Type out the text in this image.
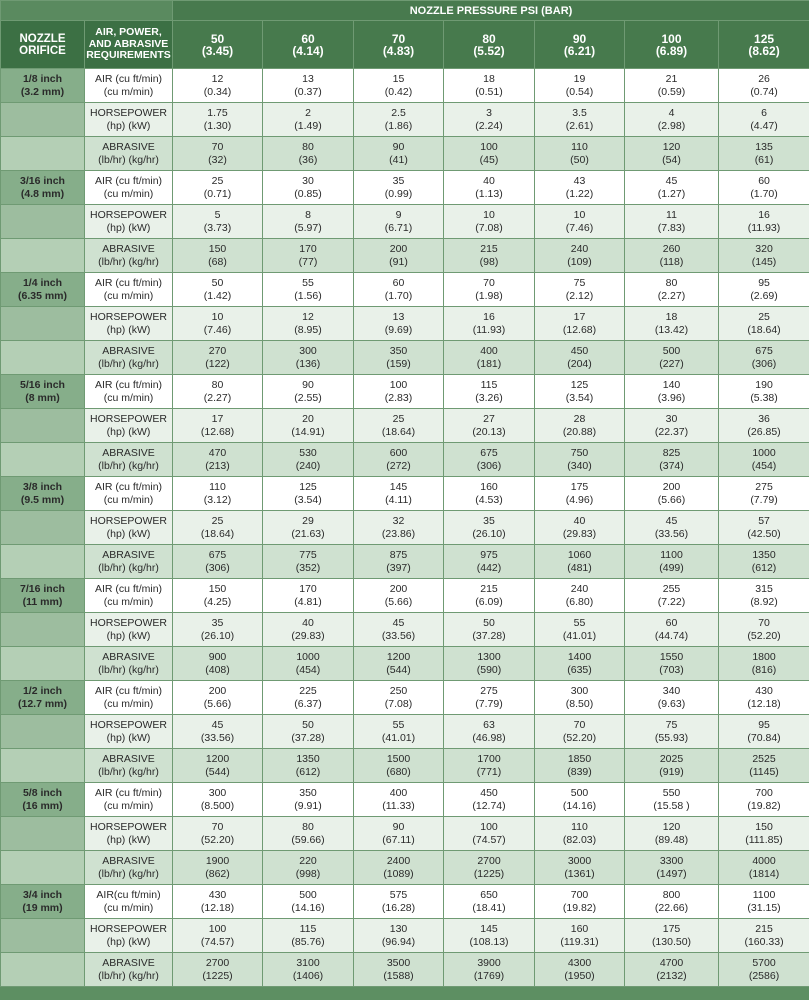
		NOZZLE PRESSURE PSI (BAR)						
NOZZLE
ORIFICE	AIR, POWER,
AND ABRASIVE
REQUIREMENTS	50
(3.45)	60
(4.14)	70
(4.83)	80
(5.52)	90
(6.21)	100
(6.89)	125
(8.62)
1/8 inch
(3.2 mm)	AIR (cu ft/min)
(cu m/min)	12
(0.34)	13
(0.37)	15
(0.42)	18
(0.51)	19
(0.54)	21
(0.59)	26
(0.74)
	HORSEPOWER
(hp) (kW)	1.75
(1.30)	2
(1.49)	2.5
(1.86)	3
(2.24)	3.5
(2.61)	4
(2.98)	6
(4.47)
	ABRASIVE
(lb/hr) (kg/hr)	70
(32)	80
(36)	90
(41)	100
(45)	110
(50)	120
(54)	135
(61)
3/16 inch
(4.8 mm)	AIR (cu ft/min)
(cu m/min)	25
(0.71)	30
(0.85)	35
(0.99)	40
(1.13)	43
(1.22)	45
(1.27)	60
(1.70)
	HORSEPOWER
(hp) (kW)	5
(3.73)	8
(5.97)	9
(6.71)	10
(7.08)	10
(7.46)	11
(7.83)	16
(11.93)
	ABRASIVE
(lb/hr) (kg/hr)	150
(68)	170
(77)	200
(91)	215
(98)	240
(109)	260
(118)	320
(145)
1/4 inch
(6.35 mm)	AIR (cu ft/min)
(cu m/min)	50
(1.42)	55
(1.56)	60
(1.70)	70
(1.98)	75
(2.12)	80
(2.27)	95
(2.69)
	HORSEPOWER
(hp) (kW)	10
(7.46)	12
(8.95)	13
(9.69)	16
(11.93)	17
(12.68)	18
(13.42)	25
(18.64)
	ABRASIVE
(lb/hr) (kg/hr)	270
(122)	300
(136)	350
(159)	400
(181)	450
(204)	500
(227)	675
(306)
5/16 inch
(8 mm)	AIR (cu ft/min)
(cu m/min)	80
(2.27)	90
(2.55)	100
(2.83)	115
(3.26)	125
(3.54)	140
(3.96)	190
(5.38)
	HORSEPOWER
(hp) (kW)	17
(12.68)	20
(14.91)	25
(18.64)	27
(20.13)	28
(20.88)	30
(22.37)	36
(26.85)
	ABRASIVE
(lb/hr) (kg/hr)	470
(213)	530
(240)	600
(272)	675
(306)	750
(340)	825
(374)	1000
(454)
3/8 inch
(9.5 mm)	AIR (cu ft/min)
(cu m/min)	110
(3.12)	125
(3.54)	145
(4.11)	160
(4.53)	175
(4.96)	200
(5.66)	275
(7.79)
	HORSEPOWER
(hp) (kW)	25
(18.64)	29
(21.63)	32
(23.86)	35
(26.10)	40
(29.83)	45
(33.56)	57
(42.50)
	ABRASIVE
(lb/hr) (kg/hr)	675
(306)	775
(352)	875
(397)	975
(442)	1060
(481)	1100
(499)	1350
(612)
7/16 inch
(11 mm)	AIR (cu ft/min)
(cu m/min)	150
(4.25)	170
(4.81)	200
(5.66)	215
(6.09)	240
(6.80)	255
(7.22)	315
(8.92)
	HORSEPOWER
(hp) (kW)	35
(26.10)	40
(29.83)	45
(33.56)	50
(37.28)	55
(41.01)	60
(44.74)	70
(52.20)
	ABRASIVE
(lb/hr) (kg/hr)	900
(408)	1000
(454)	1200
(544)	1300
(590)	1400
(635)	1550
(703)	1800
(816)
1/2 inch
(12.7 mm)	AIR (cu ft/min)
(cu m/min)	200
(5.66)	225
(6.37)	250
(7.08)	275
(7.79)	300
(8.50)	340
(9.63)	430
(12.18)
	HORSEPOWER
(hp) (kW)	45
(33.56)	50
(37.28)	55
(41.01)	63
(46.98)	70
(52.20)	75
(55.93)	95
(70.84)
	ABRASIVE
(lb/hr) (kg/hr)	1200
(544)	1350
(612)	1500
(680)	1700
(771)	1850
(839)	2025
(919)	2525
(1145)
5/8 inch
(16 mm)	AIR (cu ft/min)
(cu m/min)	300
(8.500)	350
(9.91)	400
(11.33)	450
(12.74)	500
(14.16)	550
(15.58 )	700
(19.82)
	HORSEPOWER
(hp) (kW)	70
(52.20)	80
(59.66)	90
(67.11)	100
(74.57)	110
(82.03)	120
(89.48)	150
(111.85)
	ABRASIVE
(lb/hr) (kg/hr)	1900
(862)	220
(998)	2400
(1089)	2700
(1225)	3000
(1361)	3300
(1497)	4000
(1814)
3/4 inch
(19 mm)	AIR(cu ft/min)
(cu m/min)	430
(12.18)	500
(14.16)	575
(16.28)	650
(18.41)	700
(19.82)	800
(22.66)	1100
(31.15)
	HORSEPOWER
(hp) (kW)	100
(74.57)	115
(85.76)	130
(96.94)	145
(108.13)	160
(119.31)	175
(130.50)	215
(160.33)
	ABRASIVE
(lb/hr) (kg/hr)	2700
(1225)	3100
(1406)	3500
(1588)	3900
(1769)	4300
(1950)	4700
(2132)	5700
(2586)
